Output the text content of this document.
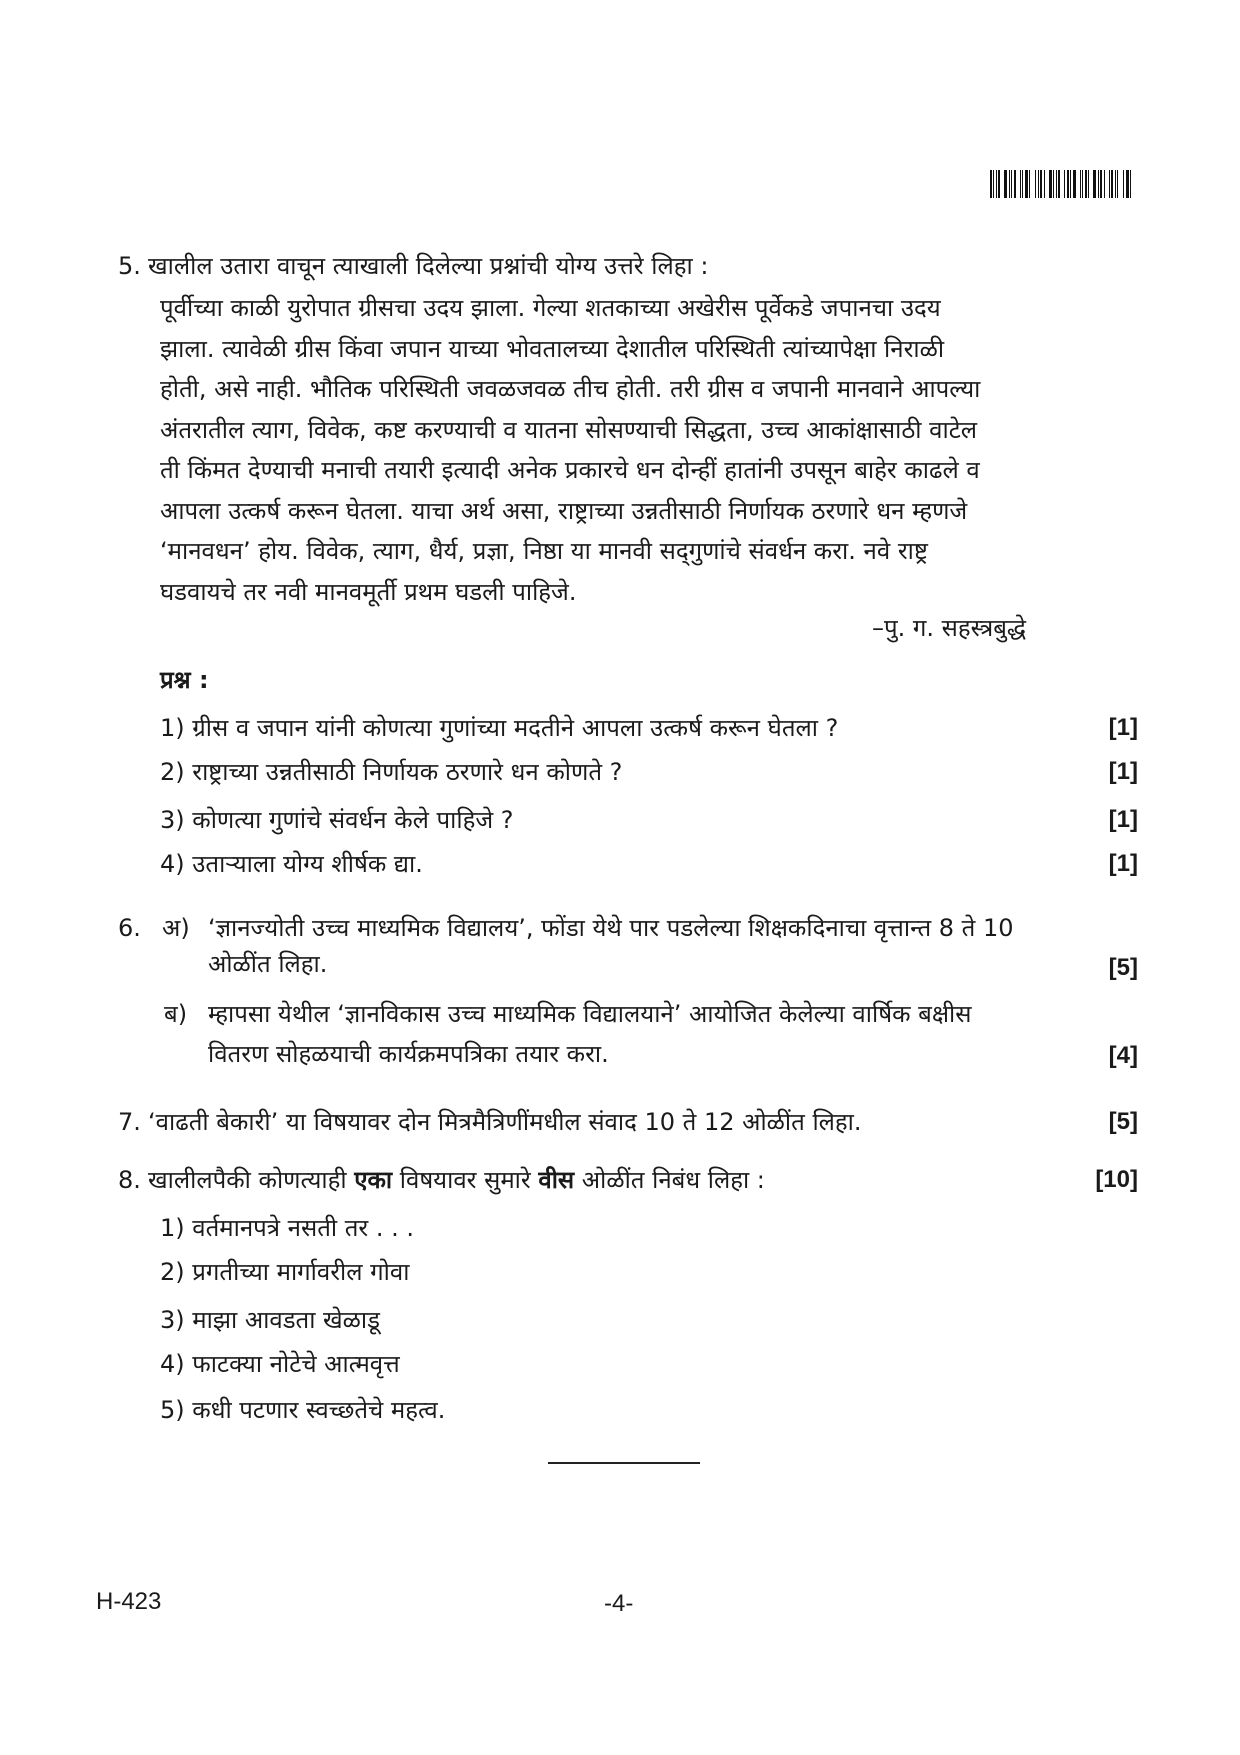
5. खालील उतारा वाचून त्याखाली दिलेल्या प्रश्नांची योग्य उत्तरे लिहा :
पूर्वीच्या काळी युरोपात ग्रीसचा उदय झाला. गेल्या शतकाच्या अखेरीस पूर्वेकडे जपानचा उदय
झाला. त्यावेळी ग्रीस किंवा जपान याच्या भोवतालच्या देशातील परिस्थिती त्यांच्यापेक्षा निराळी
होती, असे नाही. भौतिक परिस्थिती जवळजवळ तीच होती. तरी ग्रीस व जपानी मानवाने आपल्या
अंतरातील त्याग, विवेक, कष्ट करण्याची व यातना सोसण्याची सिद्धता, उच्च आकांक्षासाठी वाटेल
ती किंमत देण्याची मनाची तयारी इत्यादी अनेक प्रकारचे धन दोन्हीं हातांनी उपसून बाहेर काढले व
आपला उत्कर्ष करून घेतला. याचा अर्थ असा, राष्ट्राच्या उन्नतीसाठी निर्णायक ठरणारे धन म्हणजे
‘मानवधन’ होय. विवेक, त्याग, धैर्य, प्रज्ञा, निष्ठा या मानवी सद्‌गुणांचे संवर्धन करा. नवे राष्ट्र
घडवायचे तर नवी मानवमूर्ती प्रथम घडली पाहिजे.
–पु. ग. सहस्त्रबुद्धे
प्रश्न :
1) ग्रीस व जपान यांनी कोणत्या गुणांच्या मदतीने आपला उत्कर्ष करून घेतला ?	[1]
2) राष्ट्राच्या उन्नतीसाठी निर्णायक ठरणारे धन कोणते ?	[1]
3) कोणत्या गुणांचे संवर्धन केले पाहिजे ?	[1]
4) उताऱ्याला योग्य शीर्षक द्या.	[1]
6. अ) ‘ज्ञानज्योती उच्च माध्यमिक विद्यालय’, फोंडा येथे पार पडलेल्या शिक्षकदिनाचा वृत्तान्त 8 ते 10
ओळींत लिहा.	[5]
ब) म्हापसा येथील ‘ज्ञानविकास उच्च माध्यमिक विद्यालयाने’ आयोजित केलेल्या वार्षिक बक्षीस
वितरण सोहळयाची कार्यक्रमपत्रिका तयार करा.	[4]
7. ‘वाढती बेकारी’ या विषयावर दोन मित्रमैत्रिणींमधील संवाद 10 ते 12 ओळींत लिहा.	[5]
8. खालीलपैकी कोणत्याही एका विषयावर सुमारे वीस ओळींत निबंध लिहा :	[10]
1) वर्तमानपत्रे नसती तर . . .
2) प्रगतीच्या मार्गावरील गोवा
3) माझा आवडता खेळाडू
4) फाटक्या नोटेचे आत्मवृत्त
5) कधी पटणार स्वच्छतेचे महत्व.
H-423	-4-
